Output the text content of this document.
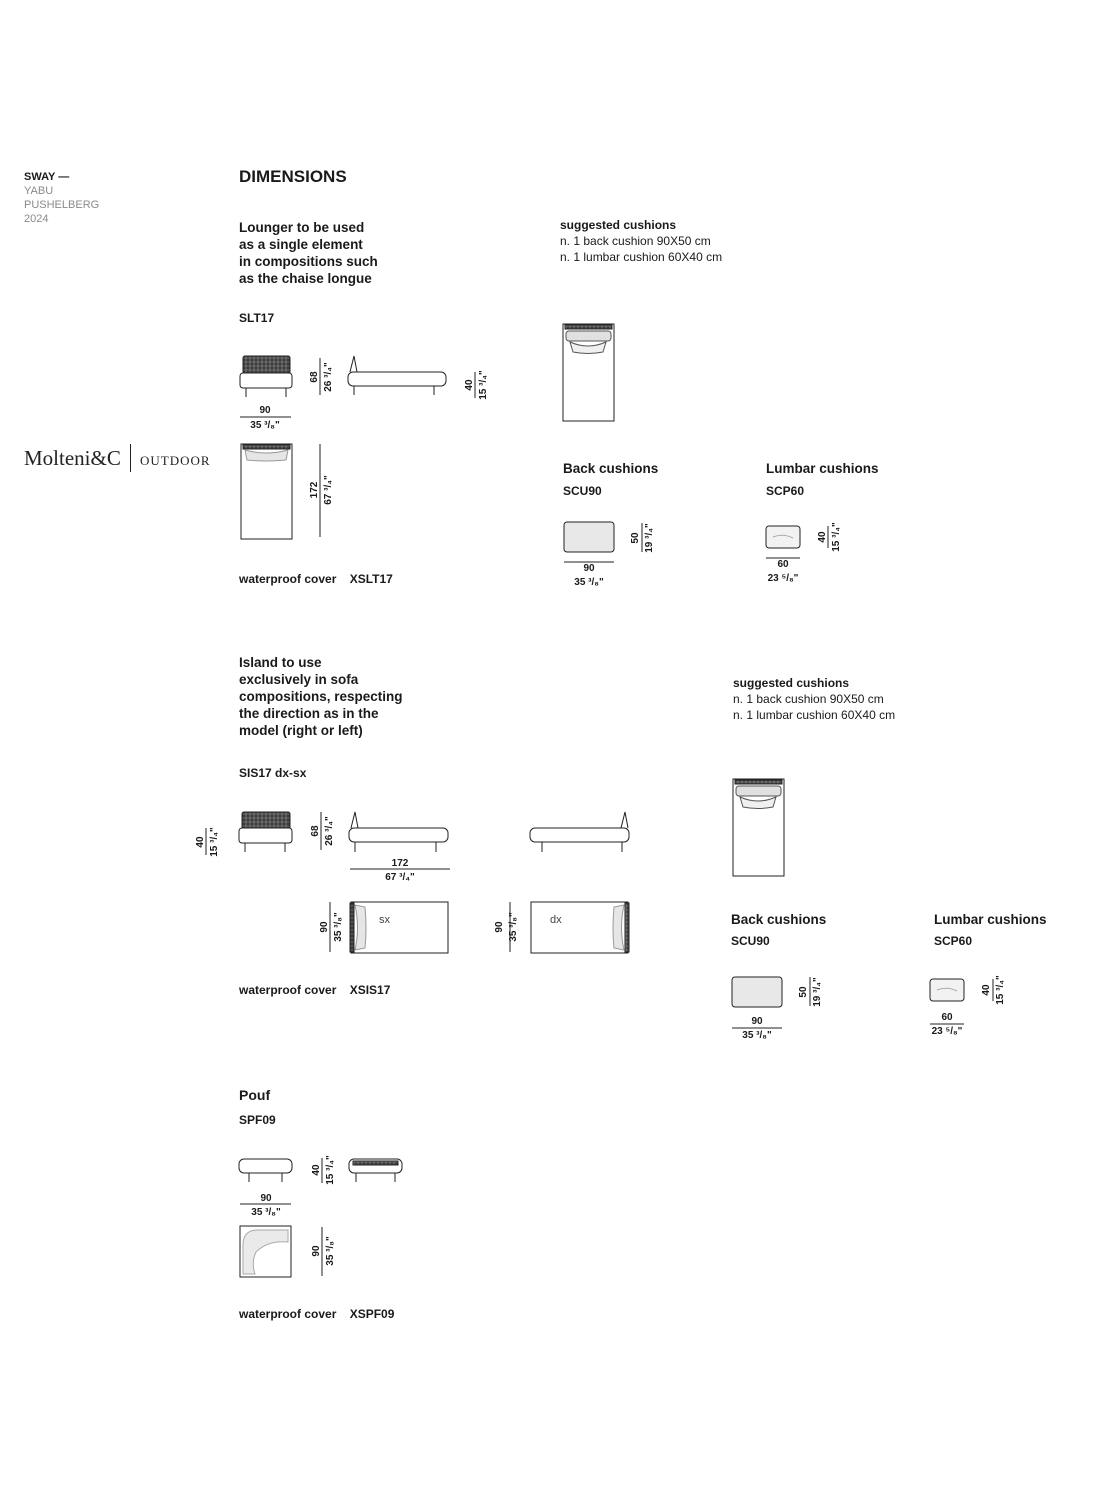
SWAY —
YABU
PUSHELBERG
2024
Molteni&C OUTDOOR
DIMENSIONS
Lounger to be used
as a single element
in compositions such
as the chaise longue
SLT17
suggested cushions
n. 1 back cushion 90X50 cm
n. 1 lumbar cushion 60X40 cm
Back cushions
SCU90
Lumbar cushions
SCP60
waterproof cover    XSLT17
Island to use
exclusively in sofa
compositions, respecting
the direction as in the
model (right or left)
SIS17 dx-sx
suggested cushions
n. 1 back cushion 90X50 cm
n. 1 lumbar cushion 60X40 cm
Back cushions
SCU90
Lumbar cushions
SCP60
waterproof cover    XSIS17
Pouf
SPF09
waterproof cover    XSPF09
90
35 ³/₈"
68 26 ³/₄"	40 15 ³/₄"
172 67 ³/₄"
90
35 ³/₈"
50 19 ³/₄"
60
23 ⁵/₈"
40 15 ³/₄"
40 15 ³/₄"	68 26 ³/₄"
172
67 ³/₄"
sx
90 35 ³/₈"	dx
90 35 ³/₈"
90
35 ³/₈"
50 19 ³/₄"
60
23 ⁵/₈"
40 15 ³/₄"
90
35 ³/₈"
40 15 ³/₄"
90 35 ³/₈"
